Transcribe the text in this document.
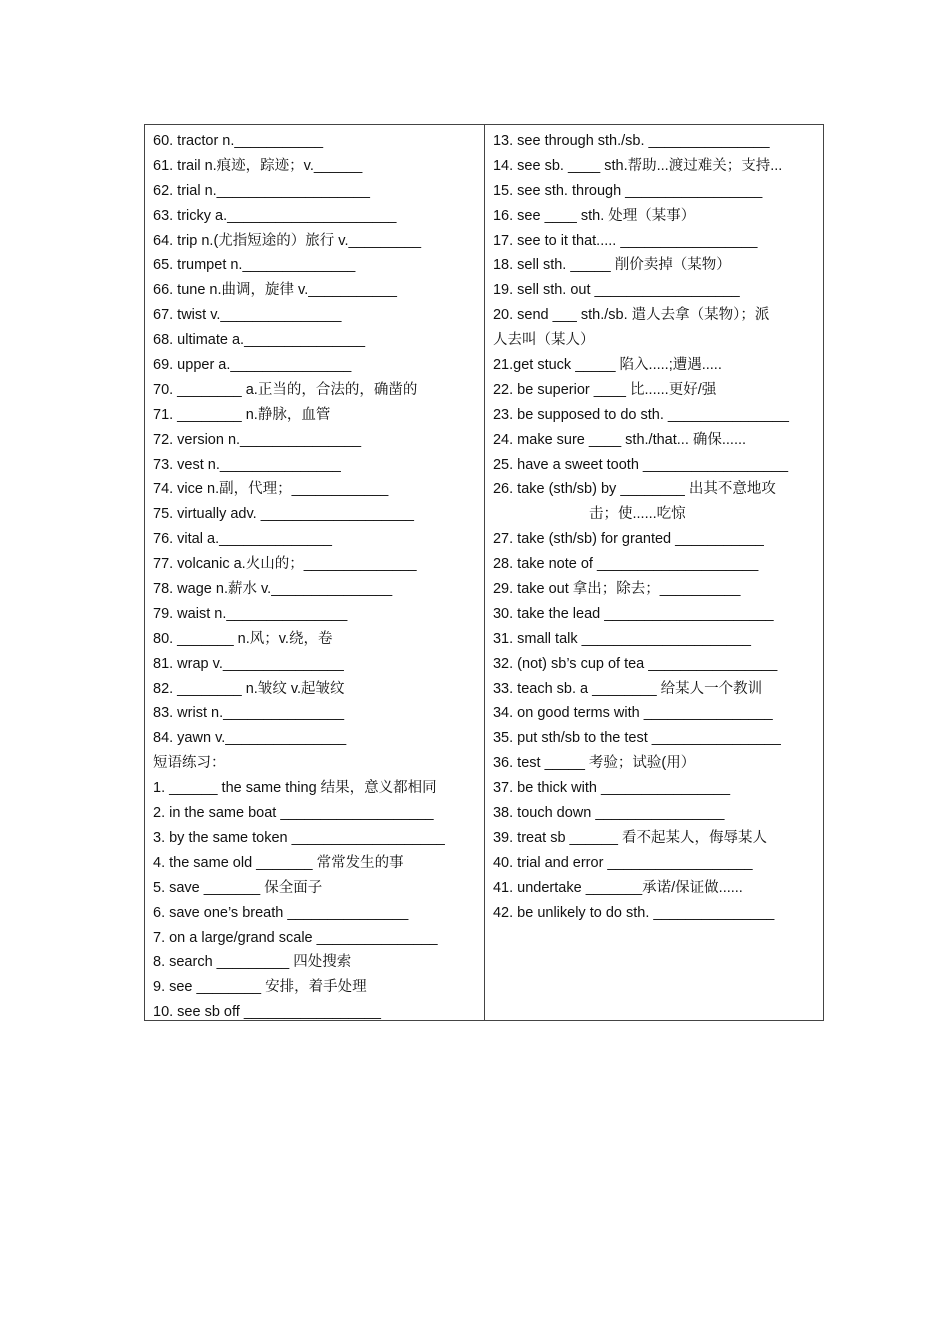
60. tractor n.___________
61. trail n.痕迹，踪迹；v.______
62. trial n.___________________
63. tricky a._____________________
64. trip n.(尤指短途的）旅行 v._________
65. trumpet n.______________
66. tune n.曲调，旋律 v.___________
67. twist v._______________
68. ultimate a._______________
69. upper a._______________
70. ________ a.正当的，合法的，确凿的
71. ________ n.静脉，血管
72. version n._______________
73. vest n._______________
74. vice n.副，代理；____________
75. virtually adv. ___________________
76. vital a.______________
77. volcanic a.火山的；______________
78. wage n.薪水 v._______________
79. waist n._______________
80. _______ n.风；v.绕，卷
81. wrap v._______________
82. ________ n.皱纹 v.起皱纹
83. wrist n._______________
84. yawn v._______________
短语练习：
1. ______ the same thing 结果，意义都相同
2. in the same boat ___________________
3. by the same token ___________________
4. the same old _______ 常常发生的事
5. save _______ 保全面子
6. save one’s breath _______________
7. on a large/grand scale _______________
8. search _________ 四处搜索
9. see ________ 安排，着手处理
10. see sb off _________________
13. see through sth./sb. _______________
14. see sb. ____ sth.帮助...渡过难关；支持...
15. see sth. through _________________
16. see ____ sth. 处理（某事）
17. see to it that..... _________________
18. sell sth. _____ 削价卖掉（某物）
19. sell sth. out __________________
20. send ___ sth./sb. 遣人去拿（某物）；派
人去叫（某人）
21.get stuck _____ 陷入.....;遭遇.....
22. be superior ____ 比......更好/强
23. be supposed to do sth. _______________
24. make sure ____ sth./that... 确保......
25. have a sweet tooth __________________
26. take (sth/sb) by ________ 出其不意地攻
击；使......吃惊
27. take (sth/sb) for granted ___________
28. take note of ____________________
29. take out 拿出；除去；__________
30. take the lead _____________________
31. small talk _____________________
32. (not) sb’s cup of tea ________________
33. teach sb. a ________ 给某人一个教训
34. on good terms with ________________
35. put sth/sb to the test ________________
36. test _____ 考验；试验(用）
37. be thick with ________________
38. touch down ________________
39. treat sb ______ 看不起某人，侮辱某人
40. trial and error __________________
41. undertake _______承诺/保证做......
42. be unlikely to do sth. _______________
